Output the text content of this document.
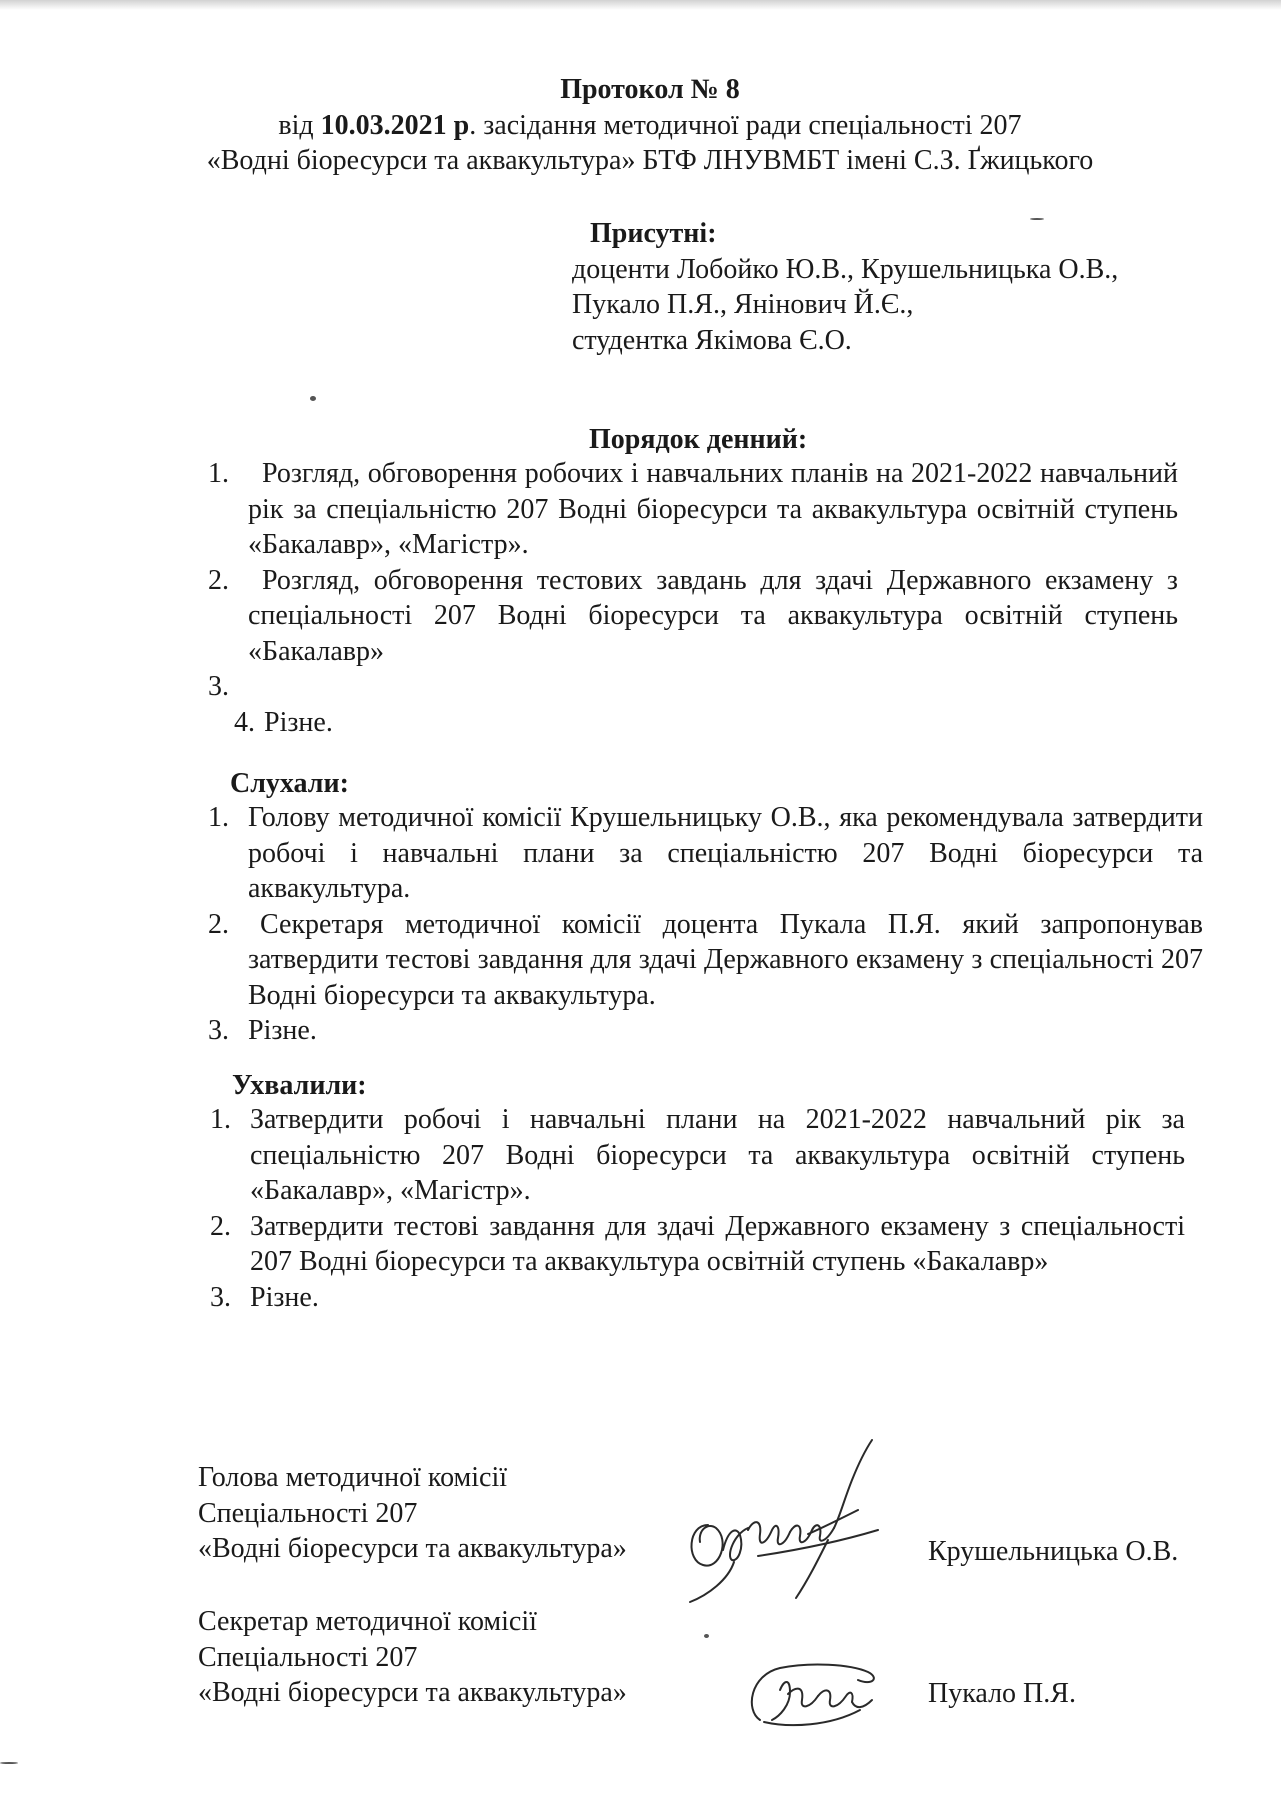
Протокол № 8
від 10.03.2021 р. засідання методичної ради спеціальності 207
«Водні біоресурси та аквакультура» БТФ ЛНУВМБТ імені С.З. Ґжицького
Присутні:
доценти Лобойко Ю.В., Крушельницька О.В.,
Пукало П.Я., Янінович Й.Є.,
студентка Якімова Є.О.
Порядок денний:
1. Розгляд, обговорення робочих і навчальних планів на 2021-2022 навчальний рік за спеціальністю 207 Водні біоресурси та аквакультура освітній ступень «Бакалавр», «Магістр».
2. Розгляд, обговорення тестових завдань для здачі Державного екзамену з спеціальності 207 Водні біоресурси та аквакультура освітній ступень «Бакалавр»
3.
4. Різне.
Слухали:
1. Голову методичної комісії Крушельницьку О.В., яка рекомендувала затвердити робочі і навчальні плани за спеціальністю 207 Водні біоресурси та аквакультура.
2. Секретаря методичної комісії доцента Пукала П.Я. який запропонував затвердити тестові завдання для здачі Державного екзамену з спеціальності 207 Водні біоресурси та аквакультура.
3. Різне.
Ухвалили:
1. Затвердити робочі і навчальні плани на 2021-2022 навчальний рік за спеціальністю 207 Водні біоресурси та аквакультура освітній ступень «Бакалавр», «Магістр».
2. Затвердити тестові завдання для здачі Державного екзамену з спеціальності 207 Водні біоресурси та аквакультура освітній ступень «Бакалавр»
3. Різне.
Голова методичної комісії
Спеціальності 207
«Водні біоресурси та аквакультура»	Крушельницька О.В.
Секретар методичної комісії
Спеціальності 207
«Водні біоресурси та аквакультура»	Пукало П.Я.
